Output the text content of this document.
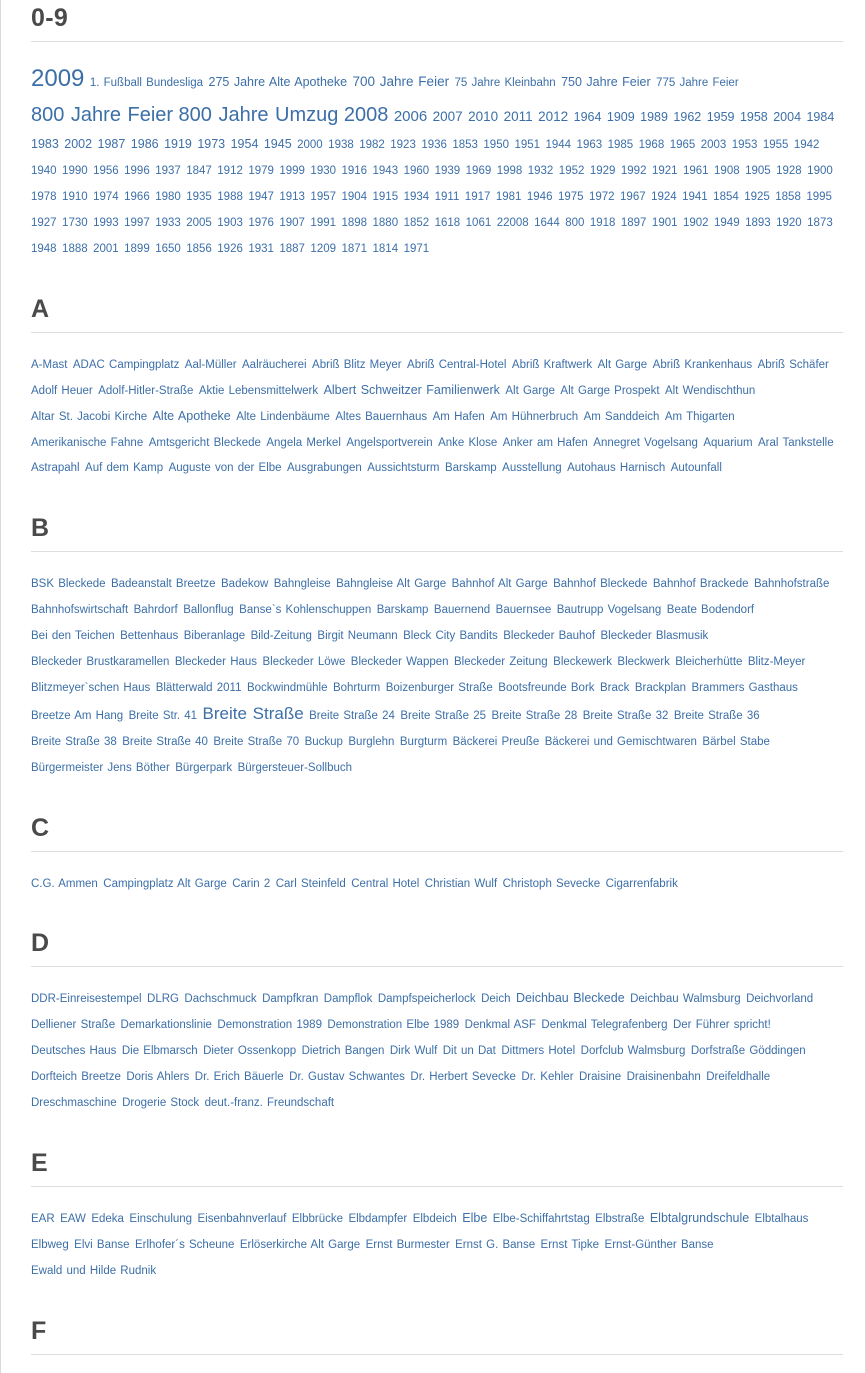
0-9
2009 1. Fußball Bundesliga 275 Jahre Alte Apotheke 700 Jahre Feier 75 Jahre Kleinbahn 750 Jahre Feier 775 Jahre Feier 800 Jahre Feier 800 Jahre Umzug 2008 2006 2007 2010 2011 2012 1964 1909 1989 1962 1959 1958 2004 1984 1983 2002 1987 1986 1919 1973 1954 1945 2000 1938 1982 1923 1936 1853 1950 1951 1944 1963 1985 1968 1965 2003 1953 1955 1942 1940 1990 1956 1996 1937 1847 1912 1979 1999 1930 1916 1943 1960 1939 1969 1998 1932 1952 1929 1992 1921 1961 1908 1905 1928 1900 1978 1910 1974 1966 1980 1935 1988 1947 1913 1957 1904 1915 1934 1911 1917 1981 1946 1975 1972 1967 1924 1941 1854 1925 1858 1995 1927 1730 1993 1997 1933 2005 1903 1976 1907 1991 1898 1880 1852 1618 1061 22008 1644 800 1918 1897 1901 1902 1949 1893 1920 1873 1948 1888 2001 1899 1650 1856 1926 1931 1887 1209 1871 1814 1971
A
A-Mast ADAC Campingplatz Aal-Müller Aalräucherei Abriß Blitz Meyer Abriß Central-Hotel Abriß Kraftwerk Alt Garge Abriß Krankenhaus Abriß Schäfer Adolf Heuer Adolf-Hitler-Straße Aktie Lebensmittelwerk Albert Schweitzer Familienwerk Alt Garge Alt Garge Prospekt Alt Wendischthun Altar St. Jacobi Kirche Alte Apotheke Alte Lindenbäume Altes Bauernhaus Am Hafen Am Hühnerbruch Am Sanddeich Am Thigarten Amerikanische Fahne Amtsgericht Bleckede Angela Merkel Angelsportverein Anke Klose Anker am Hafen Annegret Vogelsang Aquarium Aral Tankstelle Astrapahl Auf dem Kamp Auguste von der Elbe Ausgrabungen Aussichtsturm Barskamp Ausstellung Autohaus Harnisch Autounfall
B
BSK Bleckede Badeanstalt Breetze Badekow Bahngleise Bahngleise Alt Garge Bahnhof Alt Garge Bahnhof Bleckede Bahnhof Brackede Bahnhofstraße Bahnhofswirtschaft Bahrdorf Ballonflug Banse`s Kohlenschuppen Barskamp Bauernend Bauernsee Bautrupp Vogelsang Beate Bodendorf Bei den Teichen Bettenhaus Biberanlage Bild-Zeitung Birgit Neumann Bleck City Bandits Bleckeder Bauhof Bleckeder Blasmusik Bleckeder Brustkaramellen Bleckeder Haus Bleckeder Löwe Bleckeder Wappen Bleckeder Zeitung Bleckewerk Bleckwerk Bleicherhütte Blitz-Meyer Blitzmeyer`schen Haus Blätterwald 2011 Bockwindmühle Bohrturm Boizenburger Straße Bootsfreunde Bork Brack Brackplan Brammers Gasthaus Breetze Am Hang Breite Str. 41 Breite Straße Breite Straße 24 Breite Straße 25 Breite Straße 28 Breite Straße 32 Breite Straße 36 Breite Straße 38 Breite Straße 40 Breite Straße 70 Buckup Burglehn Burgturm Bäckerei Preuße Bäckerei und Gemischtwaren Bärbel Stabe Bürgermeister Jens Böther Bürgerpark Bürgersteuer-Sollbuch
C
C.G. Ammen Campingplatz Alt Garge Carin 2 Carl Steinfeld Central Hotel Christian Wulf Christoph Sevecke Cigarrenfabrik
D
DDR-Einreisestempel DLRG Dachschmuck Dampfkran Dampflok Dampfspeicherlock Deich Deichbau Bleckede Deichbau Walmsburg Deichvorland Delliener Straße Demarkationslinie Demonstration 1989 Demonstration Elbe 1989 Denkmal ASF Denkmal Telegrafenberg Der Führer spricht! Deutsches Haus Die Elbmarsch Dieter Ossenkopp Dietrich Bangen Dirk Wulf Dit un Dat Dittmers Hotel Dorfclub Walmsburg Dorfstraße Göddingen Dorfteich Breetze Doris Ahlers Dr. Erich Bäuerle Dr. Gustav Schwantes Dr. Herbert Sevecke Dr. Kehler Draisine Draisinenbahn Dreifeldhalle Dreschmaschine Drogerie Stock deut.-franz. Freundschaft
E
EAR EAW Edeka Einschulung Eisenbahnverlauf Elbbrücke Elbdampfer Elbdeich Elbe Elbe-Schiffahrtstag Elbstraße Elbtalgrundschule Elbtalhaus Elbweg Elvi Banse Erlhofer´s Scheune Erlöserkirche Alt Garge Ernst Burmester Ernst G. Banse Ernst Tipke Ernst-Günther Banse Ewald und Hilde Rudnik
F
